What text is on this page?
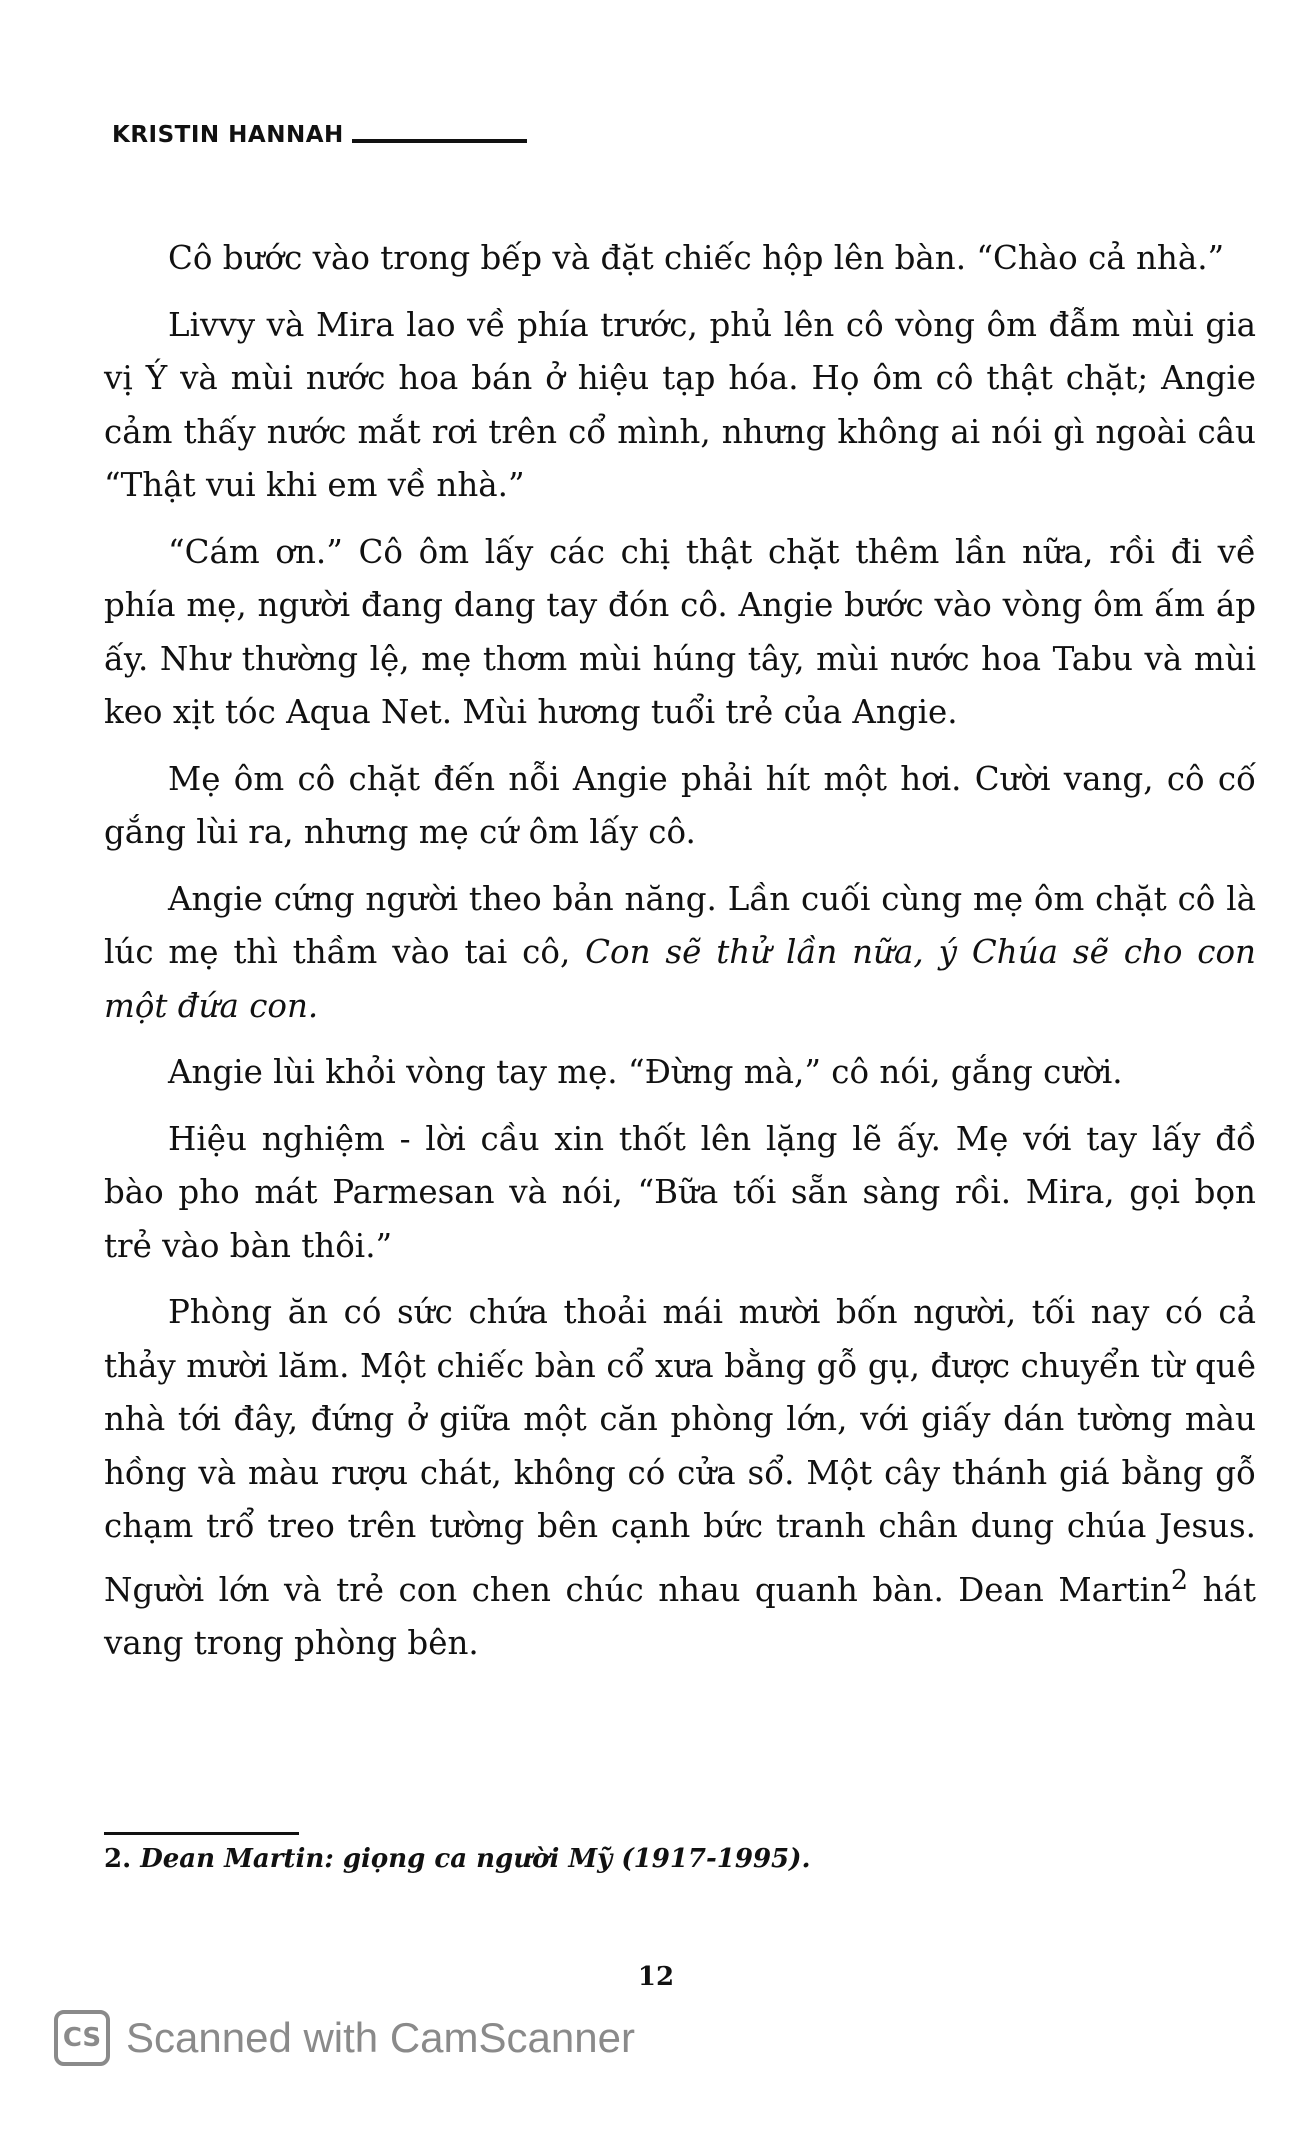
KRISTIN HANNAH

Cô bước vào trong bếp và đặt chiếc hộp lên bàn. “Chào cả nhà.”

Livvy và Mira lao về phía trước, phủ lên cô vòng ôm đẫm mùi gia vị Ý và mùi nước hoa bán ở hiệu tạp hóa. Họ ôm cô thật chặt; Angie cảm thấy nước mắt rơi trên cổ mình, nhưng không ai nói gì ngoài câu “Thật vui khi em về nhà.”

“Cám ơn.” Cô ôm lấy các chị thật chặt thêm lần nữa, rồi đi về phía mẹ, người đang dang tay đón cô. Angie bước vào vòng ôm ấm áp ấy. Như thường lệ, mẹ thơm mùi húng tây, mùi nước hoa Tabu và mùi keo xịt tóc Aqua Net. Mùi hương tuổi trẻ của Angie.

Mẹ ôm cô chặt đến nỗi Angie phải hít một hơi. Cười vang, cô cố gắng lùi ra, nhưng mẹ cứ ôm lấy cô.

Angie cứng người theo bản năng. Lần cuối cùng mẹ ôm chặt cô là lúc mẹ thì thầm vào tai cô, Con sẽ thử lần nữa, ý Chúa sẽ cho con một đứa con.

Angie lùi khỏi vòng tay mẹ. “Đừng mà,” cô nói, gắng cười.

Hiệu nghiệm - lời cầu xin thốt lên lặng lẽ ấy. Mẹ với tay lấy đồ bào pho mát Parmesan và nói, “Bữa tối sẵn sàng rồi. Mira, gọi bọn trẻ vào bàn thôi.”

Phòng ăn có sức chứa thoải mái mười bốn người, tối nay có cả thảy mười lăm. Một chiếc bàn cổ xưa bằng gỗ gụ, được chuyển từ quê nhà tới đây, đứng ở giữa một căn phòng lớn, với giấy dán tường màu hồng và màu rượu chát, không có cửa sổ. Một cây thánh giá bằng gỗ chạm trổ treo trên tường bên cạnh bức tranh chân dung chúa Jesus. Người lớn và trẻ con chen chúc nhau quanh bàn. Dean Martin$^2$ hát vang trong phòng bên.

2. Dean Martin: giọng ca người Mỹ (1917-1995).
12
CS Scanned with CamScanner
